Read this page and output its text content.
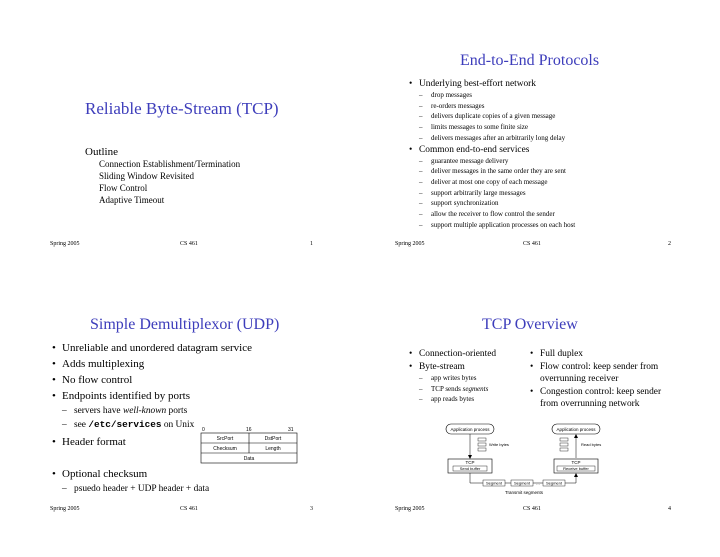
Reliable Byte-Stream (TCP)
Outline
Connection Establishment/Termination
Sliding Window Revisited
Flow Control
Adaptive Timeout
Spring 2005	CS 461	1
End-to-End Protocols
• Underlying best-effort network
– drop messages
– re-orders messages
– delivers duplicate copies of a given message
– limits messages to some finite size
– delivers messages after an arbitrarily long delay
• Common end-to-end services
– guarantee message delivery
– deliver messages in the same order they are sent
– deliver at most one copy of each message
– support arbitrarily large messages
– support synchronization
– allow the receiver to flow control the sender
– support multiple application processes on each host
Spring 2005	CS 461	2
Simple Demultiplexor (UDP)
• Unreliable and unordered datagram service
• Adds multiplexing
• No flow control
• Endpoints identified by ports
– servers have well-known ports
– see /etc/services on Unix
• Header format
0	16	31
SrcPort	DstPort
Checksum	Length
Data
• Optional checksum
– psuedo header + UDP header + data
Spring 2005	CS 461	3
TCP Overview
• Connection-oriented
• Byte-stream
– app writes bytes
– TCP sends segments
– app reads bytes
• Full duplex
• Flow control: keep sender from overrunning receiver
• Congestion control: keep sender from overrunning network
Application process	Application process
Write bytes	Read bytes
TCP
Send buffer
TCP
Receive buffer
Segment	Segment … Segment
Transmit segments
Spring 2005	CS 461	4
